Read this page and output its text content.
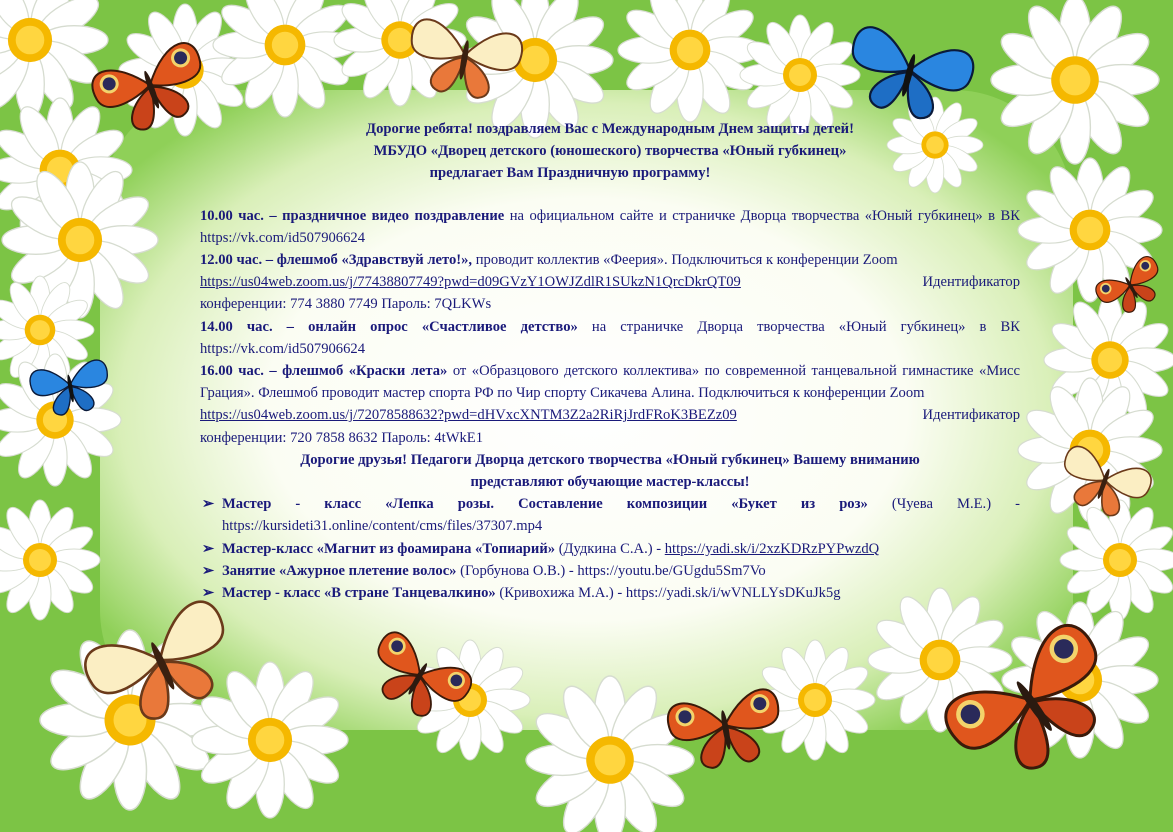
Дорогие ребята! поздравляем Вас с Международным Днем защиты детей!
МБУДО «Дворец детского (юношеского) творчества «Юный губкинец»
предлагает Вам Праздничную программу!
10.00 час. – праздничное видео поздравление на официальном сайте и страничке Дворца творчества «Юный губкинец» в ВК https://vk.com/id507906624
12.00 час. – флешмоб «Здравствуй лето!», проводит коллектив «Феерия». Подключиться к конференции Zoom
https://us04web.zoom.us/j/77438807749?pwd=d09GVzY1OWJZdlR1SUkzN1QrcDkrQT09	Идентификатор
конференции: 774 3880 7749 Пароль: 7QLKWs
14.00 час. – онлайн опрос «Счастливое детство» на страничке Дворца творчества «Юный губкинец» в ВК https://vk.com/id507906624
16.00 час. – флешмоб «Краски лета» от «Образцового детского коллектива» по современной танцевальной гимнастике «Мисс Грация». Флешмоб проводит мастер спорта РФ по Чир спорту Сикачева Алина. Подключиться к конференции Zoom
https://us04web.zoom.us/j/72078588632?pwd=dHVxcXNTM3Z2a2RiRjJrdFRoK3BEZz09	Идентификатор
конференции: 720 7858 8632 Пароль: 4tWkE1
Дорогие друзья! Педагоги Дворца детского творчества «Юный губкинец» Вашему вниманию
представляют обучающие мастер-классы!
➢ Мастер - класс «Лепка розы. Составление композиции «Букет из роз» (Чуева М.Е.) - https://kursideti31.online/content/cms/files/37307.mp4
➢ Мастер-класс «Магнит из фоамирана «Топиарий» (Дудкина С.А.) - https://yadi.sk/i/2xzKDRzPYPwzdQ
➢ Занятие «Ажурное плетение волос» (Горбунова О.В.) - https://youtu.be/GUgdu5Sm7Vo
➢ Мастер - класс «В стране Танцевалкино» (Кривохижа М.А.) - https://yadi.sk/i/wVNLLYsDKuJk5g
